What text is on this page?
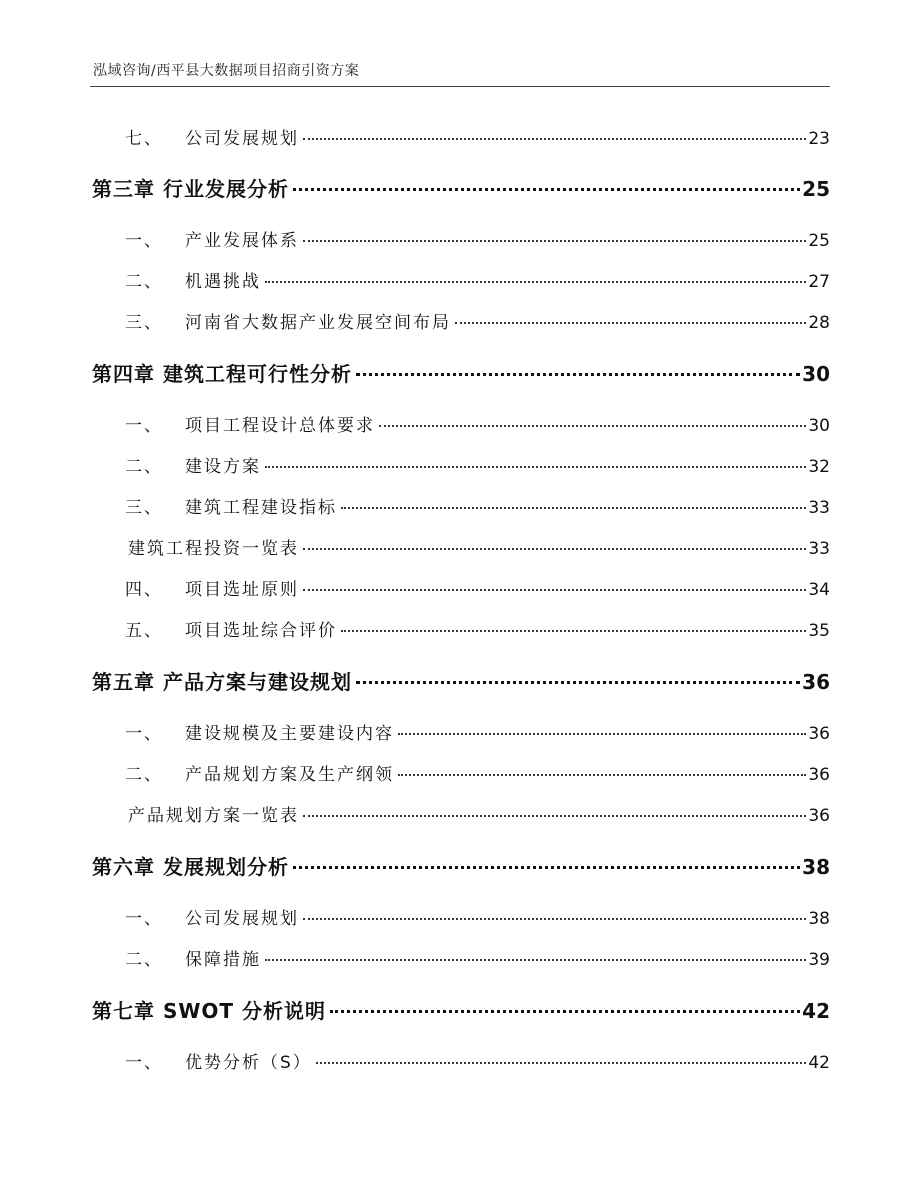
泓域咨询/西平县大数据项目招商引资方案
七、 公司发展规划	23
第三章 行业发展分析	25
一、 产业发展体系	25
二、 机遇挑战	27
三、 河南省大数据产业发展空间布局	28
第四章 建筑工程可行性分析	30
一、 项目工程设计总体要求	30
二、 建设方案	32
三、 建筑工程建设指标	33
建筑工程投资一览表	33
四、 项目选址原则	34
五、 项目选址综合评价	35
第五章 产品方案与建设规划	36
一、 建设规模及主要建设内容	36
二、 产品规划方案及生产纲领	36
产品规划方案一览表	36
第六章 发展规划分析	38
一、 公司发展规划	38
二、 保障措施	39
第七章 SWOT 分析说明	42
一、 优势分析（S）	42
